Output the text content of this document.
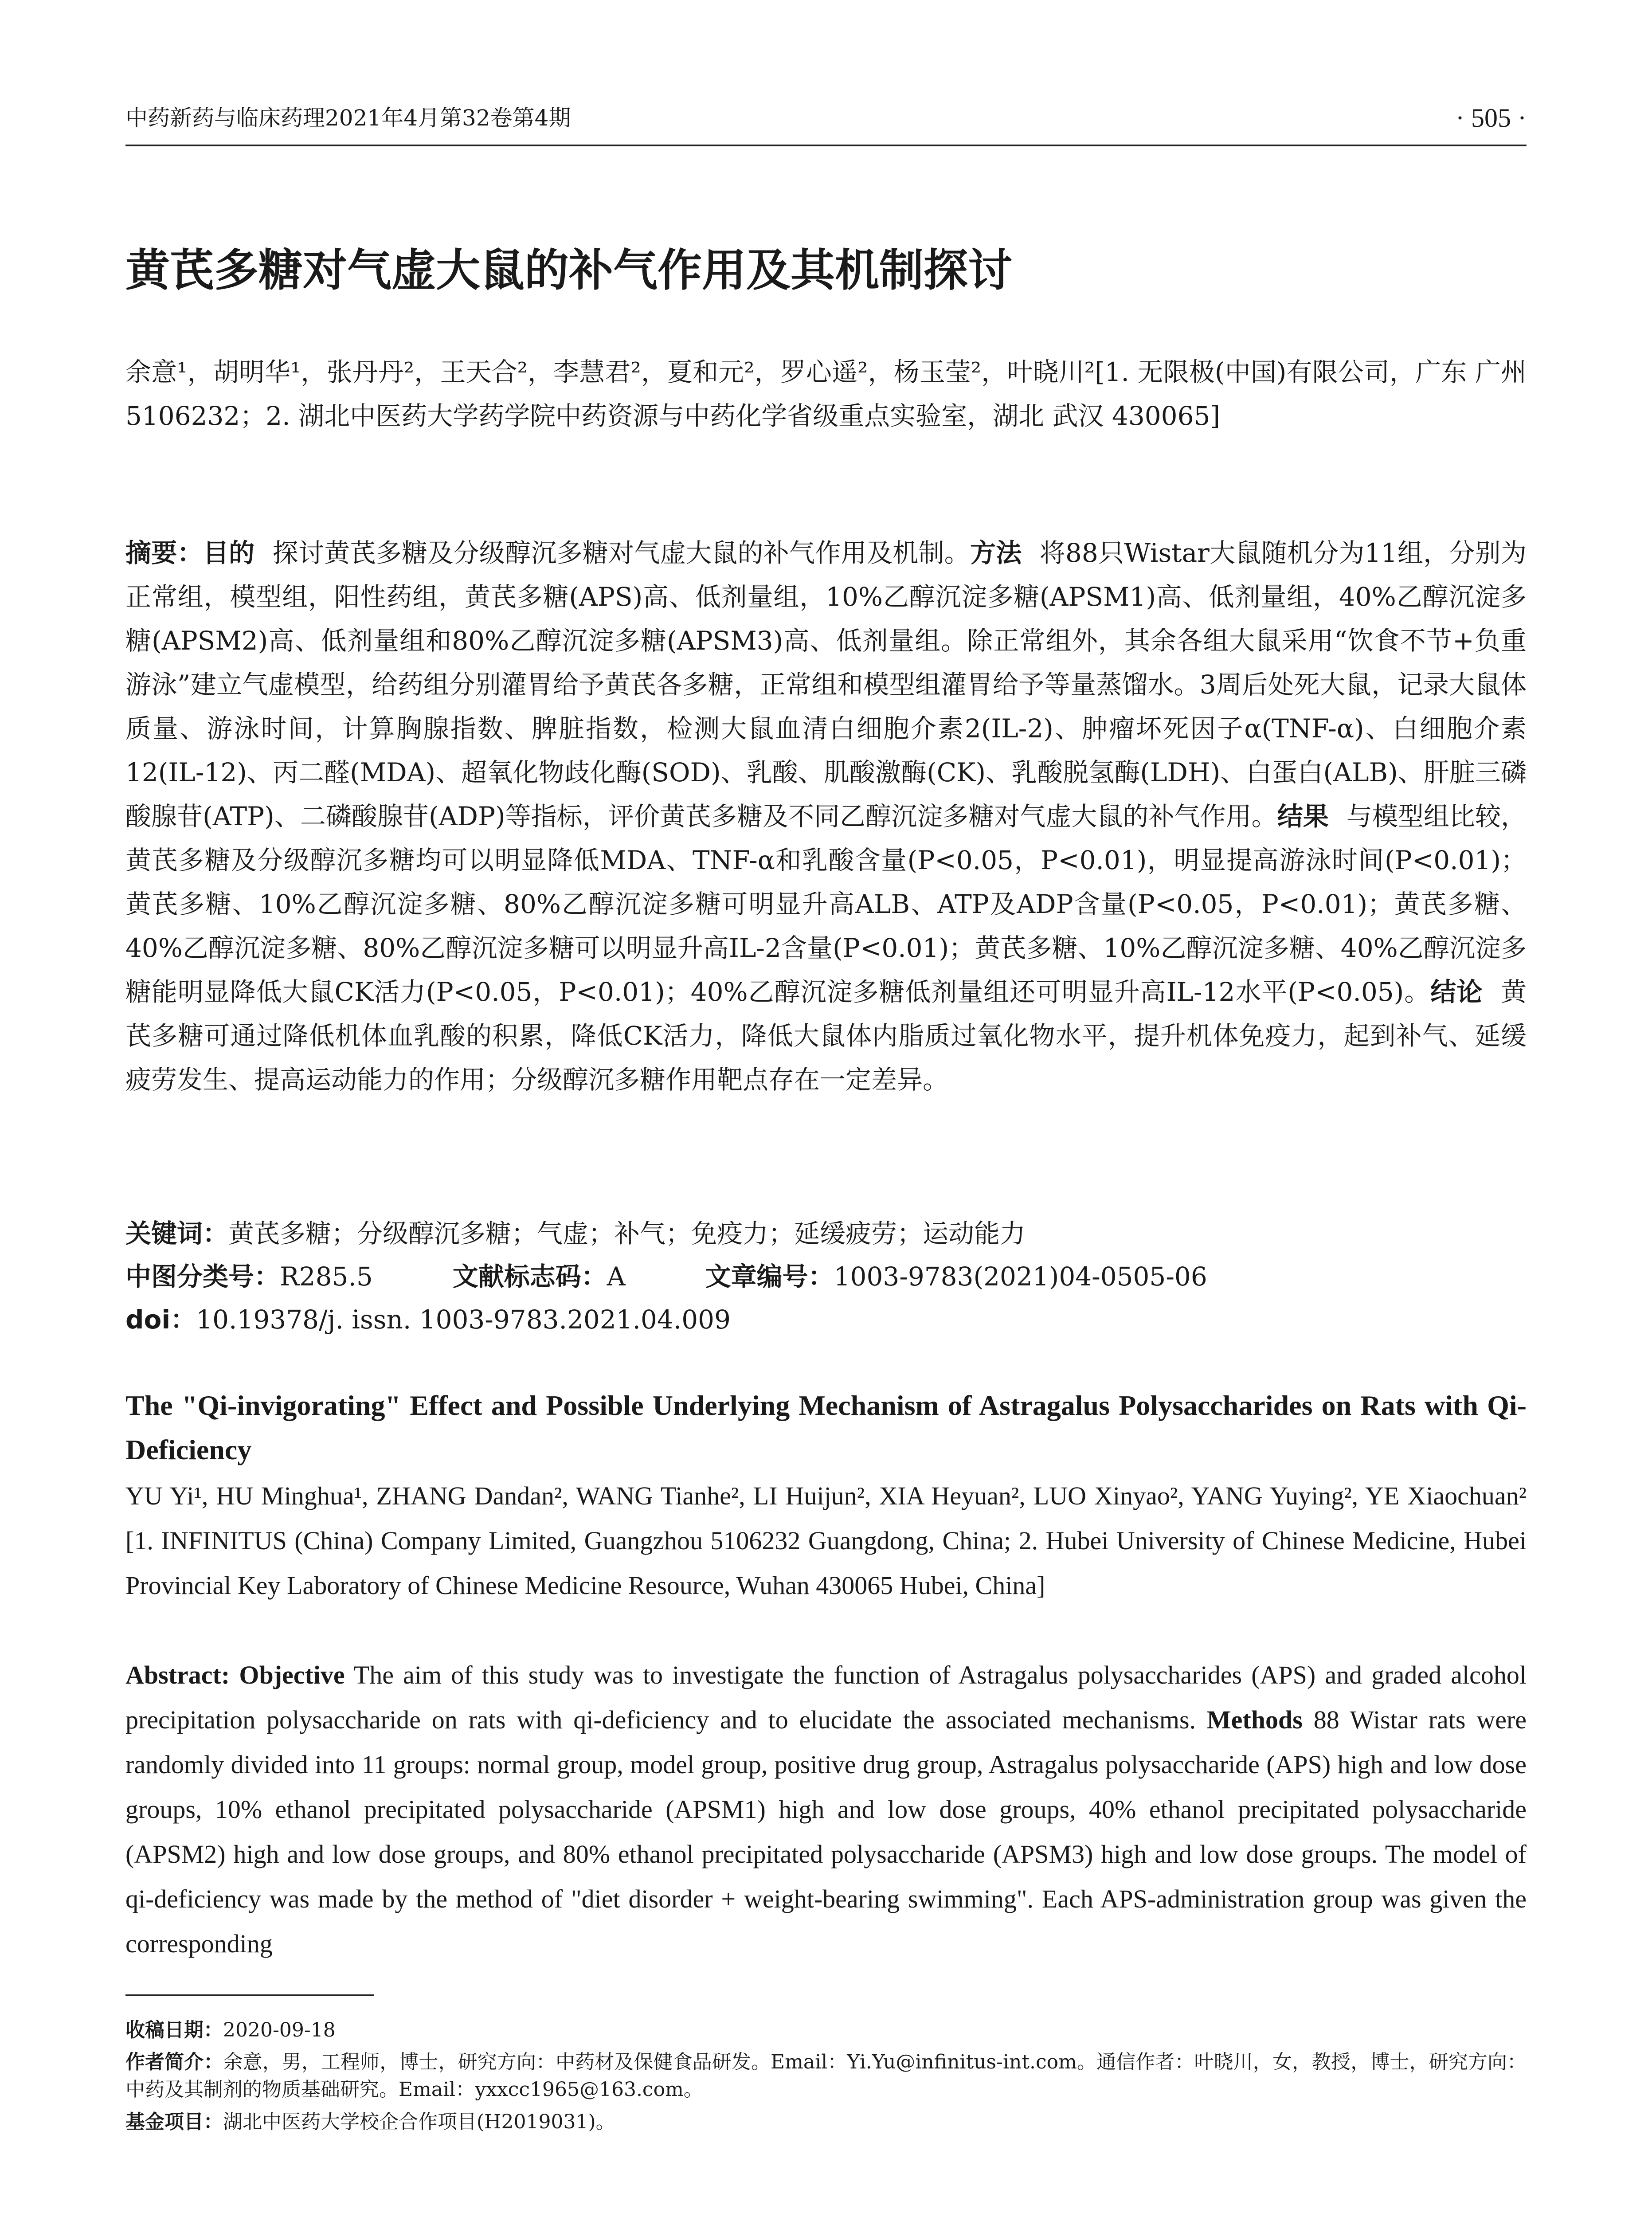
中药新药与临床药理2021年4月第32卷第4期	· 505 ·
黄芪多糖对气虚大鼠的补气作用及其机制探讨
余意¹，胡明华¹，张丹丹²，王天合²，李慧君²，夏和元²，罗心遥²，杨玉莹²，叶晓川²[1. 无限极(中国)有限公司，广东 广州 5106232；2. 湖北中医药大学药学院中药资源与中药化学省级重点实验室，湖北 武汉 430065]
摘要：目的 探讨黄芪多糖及分级醇沉多糖对气虚大鼠的补气作用及机制。方法 将88只Wistar大鼠随机分为11组，分别为正常组，模型组，阳性药组，黄芪多糖(APS)高、低剂量组，10%乙醇沉淀多糖(APSM1)高、低剂量组，40%乙醇沉淀多糖(APSM2)高、低剂量组和80%乙醇沉淀多糖(APSM3)高、低剂量组。除正常组外，其余各组大鼠采用“饮食不节+负重游泳”建立气虚模型，给药组分别灌胃给予黄芪各多糖，正常组和模型组灌胃给予等量蒸馏水。3周后处死大鼠，记录大鼠体质量、游泳时间，计算胸腺指数、脾脏指数，检测大鼠血清白细胞介素2(IL-2)、肿瘤坏死因子α(TNF-α)、白细胞介素12(IL-12)、丙二醛(MDA)、超氧化物歧化酶(SOD)、乳酸、肌酸激酶(CK)、乳酸脱氢酶(LDH)、白蛋白(ALB)、肝脏三磷酸腺苷(ATP)、二磷酸腺苷(ADP)等指标，评价黄芪多糖及不同乙醇沉淀多糖对气虚大鼠的补气作用。结果 与模型组比较，黄芪多糖及分级醇沉多糖均可以明显降低MDA、TNF-α和乳酸含量(P<0.05，P<0.01)，明显提高游泳时间(P<0.01)；黄芪多糖、10%乙醇沉淀多糖、80%乙醇沉淀多糖可明显升高ALB、ATP及ADP含量(P<0.05，P<0.01)；黄芪多糖、40%乙醇沉淀多糖、80%乙醇沉淀多糖可以明显升高IL-2含量(P<0.01)；黄芪多糖、10%乙醇沉淀多糖、40%乙醇沉淀多糖能明显降低大鼠CK活力(P<0.05，P<0.01)；40%乙醇沉淀多糖低剂量组还可明显升高IL-12水平(P<0.05)。结论 黄芪多糖可通过降低机体血乳酸的积累，降低CK活力，降低大鼠体内脂质过氧化物水平，提升机体免疫力，起到补气、延缓疲劳发生、提高运动能力的作用；分级醇沉多糖作用靶点存在一定差异。
关键词：黄芪多糖；分级醇沉多糖；气虚；补气；免疫力；延缓疲劳；运动能力
中图分类号：R285.5	文献标志码：A	文章编号：1003-9783(2021)04-0505-06
doi：10.19378/j. issn. 1003-9783.2021.04.009
The "Qi-invigorating" Effect and Possible Underlying Mechanism of Astragalus Polysaccharides on Rats with Qi-Deficiency
YU Yi¹, HU Minghua¹, ZHANG Dandan², WANG Tianhe², LI Huijun², XIA Heyuan², LUO Xinyao², YANG Yuying², YE Xiaochuan² [1. INFINITUS (China) Company Limited, Guangzhou 5106232 Guangdong, China; 2. Hubei University of Chinese Medicine, Hubei Provincial Key Laboratory of Chinese Medicine Resource, Wuhan 430065 Hubei, China]
Abstract: Objective The aim of this study was to investigate the function of Astragalus polysaccharides (APS) and graded alcohol precipitation polysaccharide on rats with qi-deficiency and to elucidate the associated mechanisms. Methods 88 Wistar rats were randomly divided into 11 groups: normal group, model group, positive drug group, Astragalus polysaccharide (APS) high and low dose groups, 10% ethanol precipitated polysaccharide (APSM1) high and low dose groups, 40% ethanol precipitated polysaccharide (APSM2) high and low dose groups, and 80% ethanol precipitated polysaccharide (APSM3) high and low dose groups. The model of qi-deficiency was made by the method of "diet disorder + weight-bearing swimming". Each APS-administration group was given the corresponding
收稿日期：2020-09-18
作者简介：余意，男，工程师，博士，研究方向：中药材及保健食品研发。Email：Yi.Yu@infinitus-int.com。通信作者：叶晓川，女，教授，博士，研究方向：中药及其制剂的物质基础研究。Email：yxxcc1965@163.com。
基金项目：湖北中医药大学校企合作项目(H2019031)。
